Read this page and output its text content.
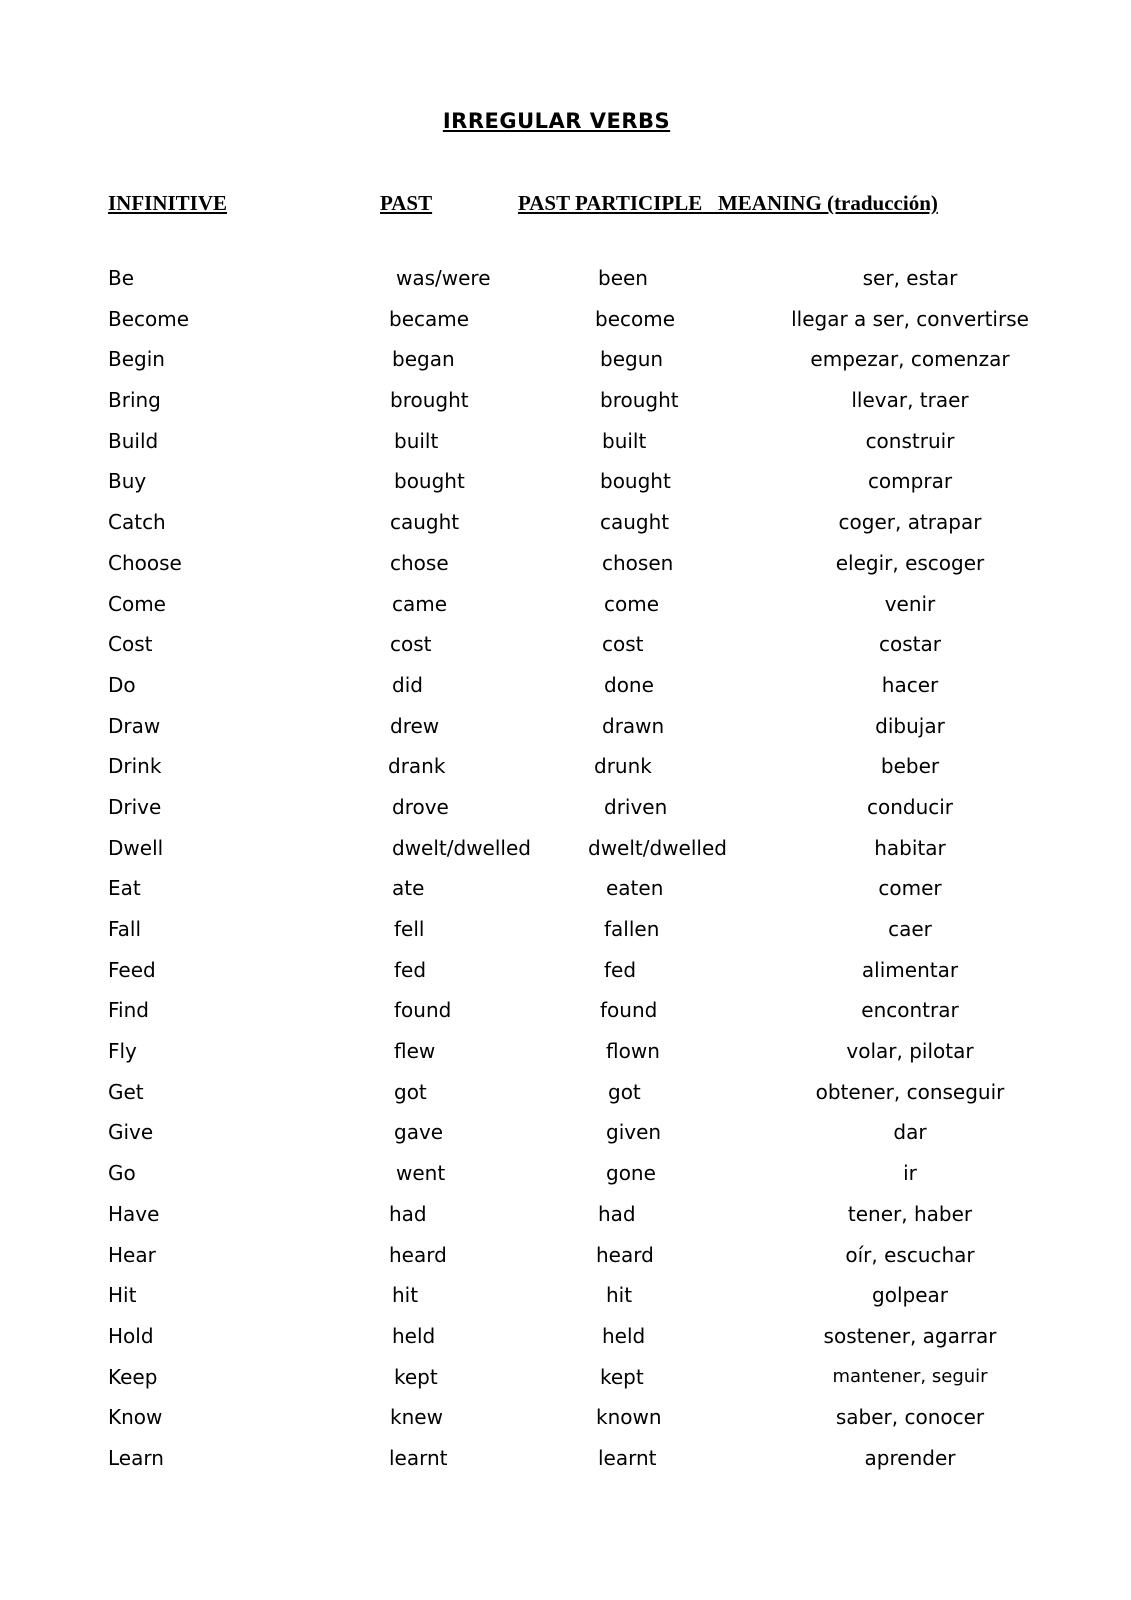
IRREGULAR VERBS
INFINITIVE	PAST	PAST PARTICIPLE MEANING (traducción)
Be	was/were	been	ser, estar
Become	became	become	llegar a ser, convertirse
Begin	began	begun	empezar, comenzar
Bring	brought	brought	llevar, traer
Build	built	built	construir
Buy	bought	bought	comprar
Catch	caught	caught	coger, atrapar
Choose	chose	chosen	elegir, escoger
Come	came	come	venir
Cost	cost	cost	costar
Do	did	done	hacer
Draw	drew	drawn	dibujar
Drink	drank	drunk	beber
Drive	drove	driven	conducir
Dwell	dwelt/dwelled	dwelt/dwelled	habitar
Eat	ate	eaten	comer
Fall	fell	fallen	caer
Feed	fed	fed	alimentar
Find	found	found	encontrar
Fly	flew	flown	volar, pilotar
Get	got	got	obtener, conseguir
Give	gave	given	dar
Go	went	gone	ir
Have	had	had	tener, haber
Hear	heard	heard	oír, escuchar
Hit	hit	hit	golpear
Hold	held	held	sostener, agarrar
Keep	kept	kept	mantener, seguir
Know	knew	known	saber, conocer
Learn	learnt	learnt	aprender
